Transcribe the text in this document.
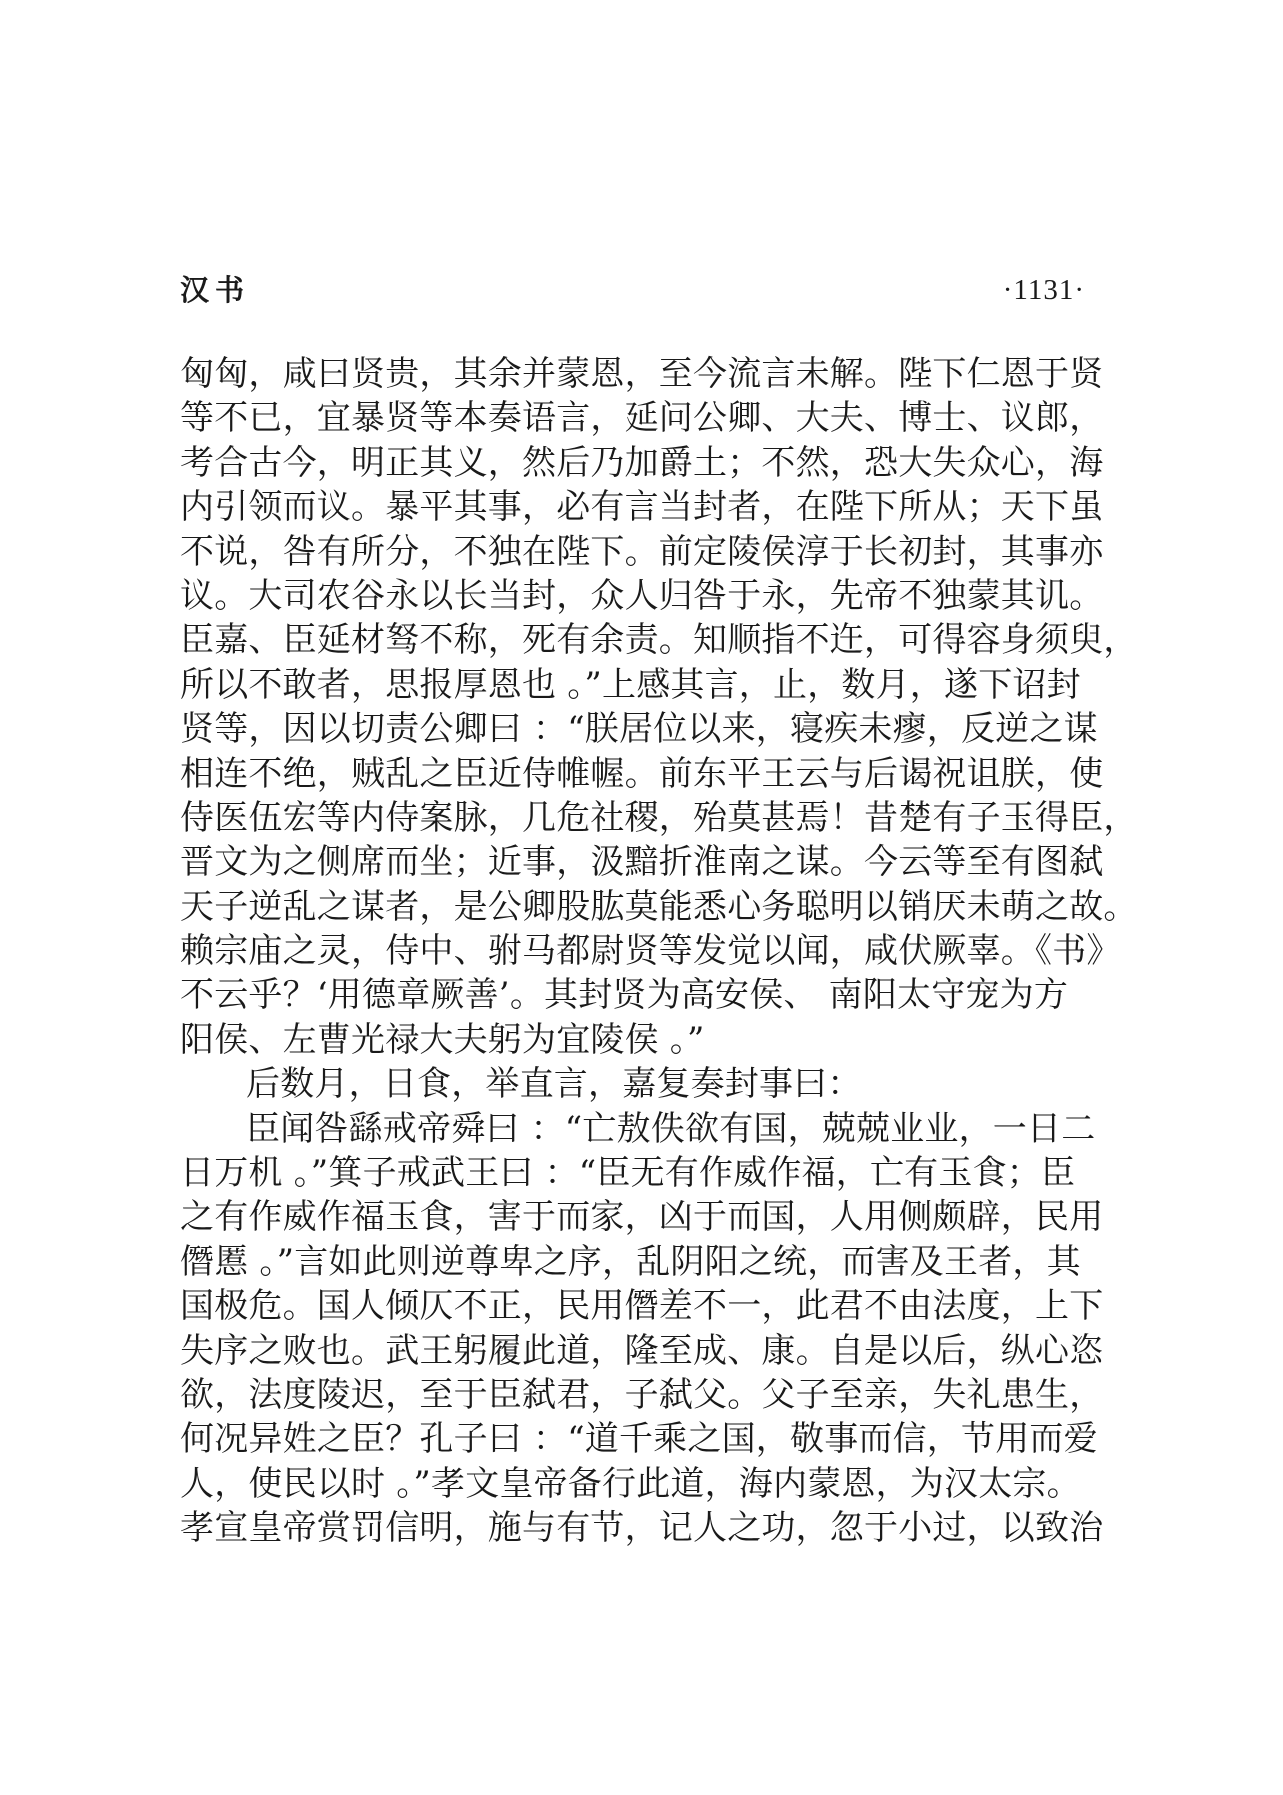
汉书	·1131·
匈匈，咸曰贤贵，其余并蒙恩，至今流言未解。陛下仁恩于贤
等不已，宜暴贤等本奏语言，延问公卿、大夫、博士、议郎，
考合古今，明正其义，然后乃加爵土；不然，恐大失众心，海
内引领而议。暴平其事，必有言当封者，在陛下所从；天下虽
不说，咎有所分，不独在陛下。前定陵侯淳于长初封，其事亦
议。大司农谷永以长当封，众人归咎于永，先帝不独蒙其讥。
臣嘉、臣延材驽不称，死有余责。知顺指不迕，可得容身须臾，
所以不敢者，思报厚恩也 。”上感其言，止，数月，遂下诏封
贤等，因以切责公卿曰 ：“朕居位以来，寝疾未瘳，反逆之谋
相连不绝，贼乱之臣近侍帷幄。前东平王云与后谒祝诅朕，使
侍医伍宏等内侍案脉，几危社稷，殆莫甚焉！昔楚有子玉得臣，
晋文为之侧席而坐；近事，汲黯折淮南之谋。今云等至有图弑
天子逆乱之谋者，是公卿股肱莫能悉心务聪明以销厌未萌之故。
赖宗庙之灵，侍中、驸马都尉贤等发觉以闻，咸伏厥辜。《书》
不云乎？‘用德章厥善’。其封贤为高安侯、 南阳太守宠为方
阳侯、左曹光禄大夫躬为宜陵侯 。”
后数月，日食，举直言，嘉复奏封事曰：
臣闻咎繇戒帝舜曰 ：“亡敖佚欲有国，兢兢业业，一日二
日万机 。”箕子戒武王曰 ：“臣无有作威作福，亡有玉食；臣
之有作威作福玉食，害于而家，凶于而国，人用侧颇辟，民用
僭慝 。”言如此则逆尊卑之序，乱阴阳之统，而害及王者，其
国极危。国人倾仄不正，民用僭差不一，此君不由法度，上下
失序之败也。武王躬履此道，隆至成、康。自是以后，纵心恣
欲，法度陵迟，至于臣弑君，子弑父。父子至亲，失礼患生，
何况异姓之臣？孔子曰 ：“道千乘之国，敬事而信，节用而爱
人，使民以时 。”孝文皇帝备行此道，海内蒙恩，为汉太宗。
孝宣皇帝赏罚信明，施与有节，记人之功，忽于小过，以致治
